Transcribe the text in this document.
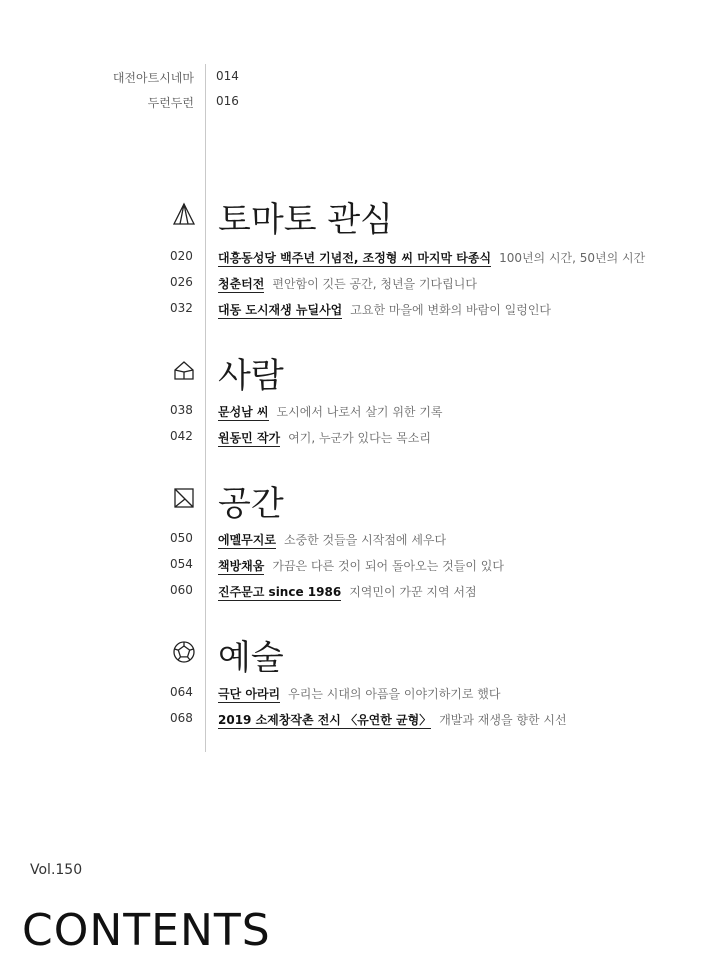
대전아트시네마 014
두런두런 016
토마토 관심
020 대흥동성당 백주년 기념전, 조정형 씨 마지막 타종식 100년의 시간, 50년의 시간
026 청춘터전 편안함이 깃든 공간, 청년을 기다립니다
032 대동 도시재생 뉴딜사업 고요한 마을에 변화의 바람이 일렁인다
사람
038 문성남 씨 도시에서 나로서 살기 위한 기록
042 원동민 작가 여기, 누군가 있다는 목소리
공간
050 에멜무지로 소중한 것들을 시작점에 세우다
054 책방채움 가끔은 다른 것이 되어 돌아오는 것들이 있다
060 진주문고 since 1986 지역민이 가꾼 지역 서점
예술
064 극단 아라리 우리는 시대의 아픔을 이야기하기로 했다
068 2019 소제창작촌 전시 〈유연한 균형〉 개발과 재생을 향한 시선
Vol.150
CONTENTS
